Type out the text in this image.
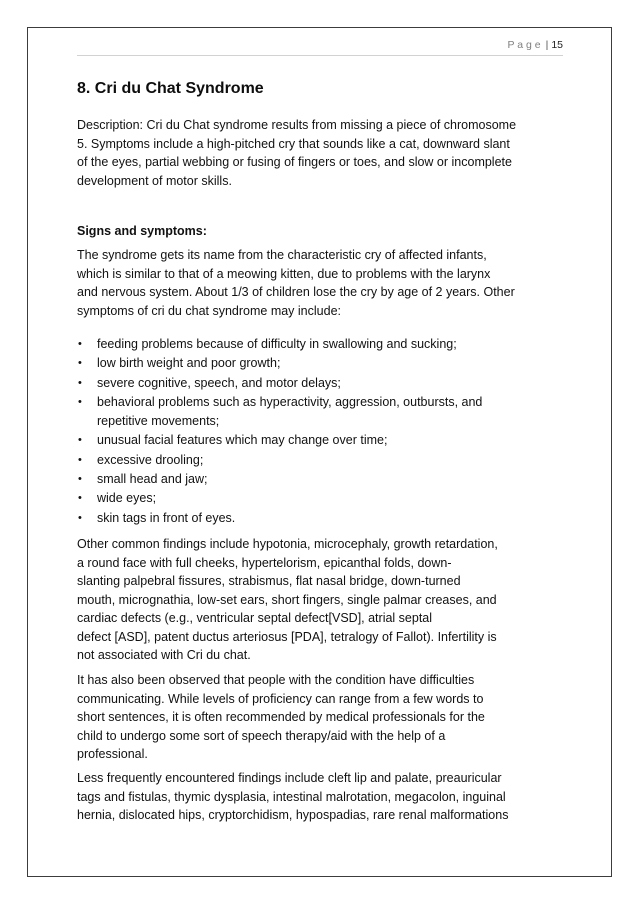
P a g e | 15
8. Cri du Chat Syndrome
Description: Cri du Chat syndrome results from missing a piece of chromosome
5. Symptoms include a high-pitched cry that sounds like a cat, downward slant
of the eyes, partial webbing or fusing of fingers or toes, and slow or incomplete
development of motor skills.
Signs and symptoms:
The syndrome gets its name from the characteristic cry of affected infants,
which is similar to that of a meowing kitten, due to problems with the larynx
and nervous system. About 1/3 of children lose the cry by age of 2 years. Other
symptoms of cri du chat syndrome may include:
• feeding problems because of difficulty in swallowing and sucking;
• low birth weight and poor growth;
• severe cognitive, speech, and motor delays;
• behavioral problems such as hyperactivity, aggression, outbursts, and
repetitive movements;
• unusual facial features which may change over time;
• excessive drooling;
• small head and jaw;
• wide eyes;
• skin tags in front of eyes.
Other common findings include hypotonia, microcephaly, growth retardation,
a round face with full cheeks, hypertelorism, epicanthal folds, down-
slanting palpebral fissures, strabismus, flat nasal bridge, down-turned
mouth, micrognathia, low-set ears, short fingers, single palmar creases, and
cardiac defects (e.g., ventricular septal defect[VSD], atrial septal
defect [ASD], patent ductus arteriosus [PDA], tetralogy of Fallot). Infertility is
not associated with Cri du chat.
It has also been observed that people with the condition have difficulties
communicating. While levels of proficiency can range from a few words to
short sentences, it is often recommended by medical professionals for the
child to undergo some sort of speech therapy/aid with the help of a
professional.
Less frequently encountered findings include cleft lip and palate, preauricular
tags and fistulas, thymic dysplasia, intestinal malrotation, megacolon, inguinal
hernia, dislocated hips, cryptorchidism, hypospadias, rare renal malformations
